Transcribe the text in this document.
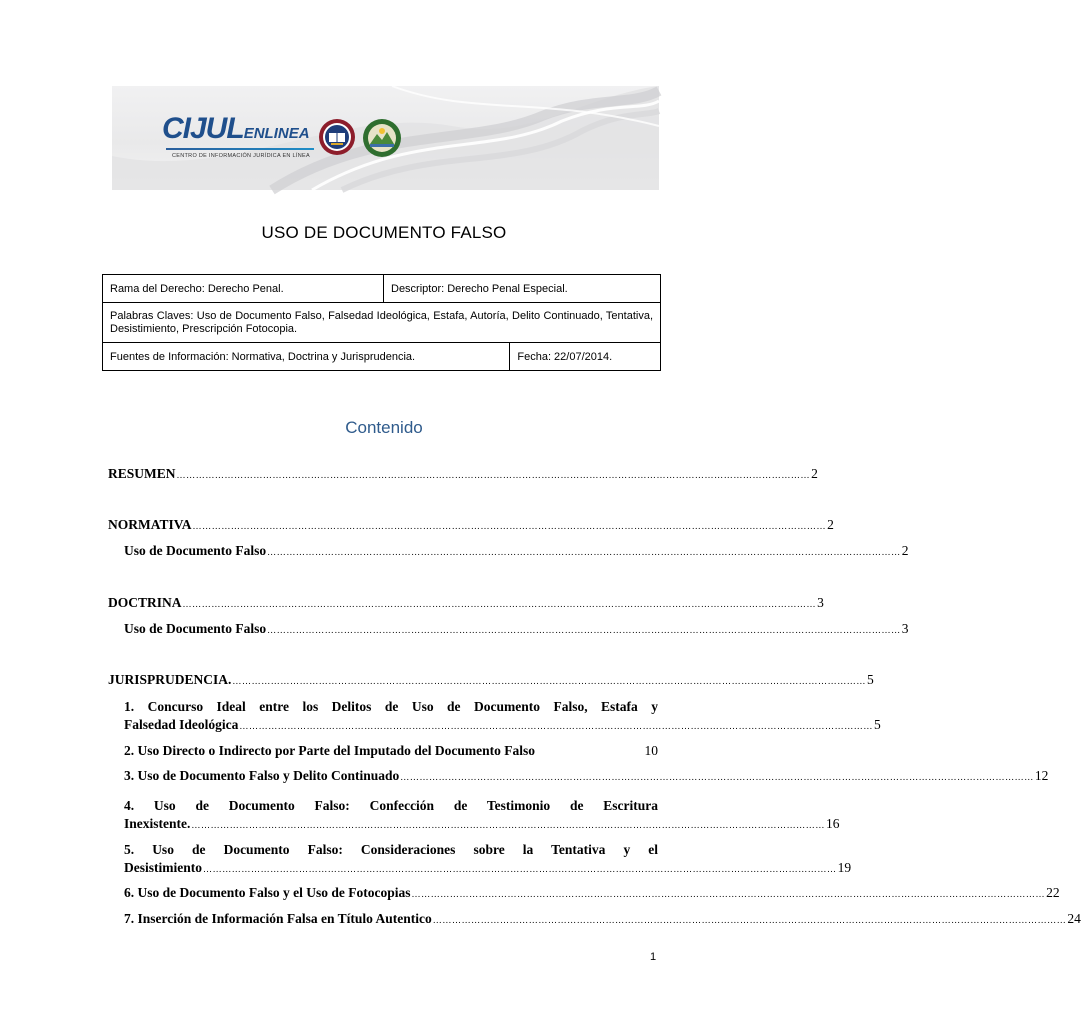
CIJULENLINEA
CENTRO DE INFORMACIÓN JURÍDICA EN LÍNEA
USO DE DOCUMENTO FALSO
Rama del Derecho: Derecho Penal.	Descriptor: Derecho Penal Especial.	
Palabras Claves: Uso de Documento Falso, Falsedad Ideológica, Estafa, Autoría, Delito Continuado, Tentativa, Desistimiento, Prescripción Fotocopia.		
Fuentes de Información: Normativa, Doctrina y Jurisprudencia.		Fecha: 22/07/2014.
Contenido
RESUMEN ……………………………………………………………………………………………………………………………………………………………………………… 2
NORMATIVA ……………………………………………………………………………………………………………………………………………………………………………… 2
Uso de Documento Falso ……………………………………………………………………………………………………………………………………………………………………………… 2
DOCTRINA ……………………………………………………………………………………………………………………………………………………………………………… 3
Uso de Documento Falso ……………………………………………………………………………………………………………………………………………………………………………… 3
JURISPRUDENCIA. ……………………………………………………………………………………………………………………………………………………………………………… 5
1. Concurso Ideal entre los Delitos de Uso de Documento Falso, Estafa y
Falsedad Ideológica ……………………………………………………………………………………………………………………………………………………………………………… 5
2. Uso Directo o Indirecto por Parte del Imputado del Documento Falso	10
3. Uso de Documento Falso y Delito Continuado ……………………………………………………………………………………………………………………………………………………………………………… 12
4. Uso de Documento Falso: Confección de Testimonio de Escritura
Inexistente. ……………………………………………………………………………………………………………………………………………………………………………… 16
5. Uso de Documento Falso: Consideraciones sobre la Tentativa y el
Desistimiento ……………………………………………………………………………………………………………………………………………………………………………… 19
6. Uso de Documento Falso y el Uso de Fotocopias ……………………………………………………………………………………………………………………………………………………………………………… 22
7. Inserción de Información Falsa en Título Autentico ……………………………………………………………………………………………………………………………………………………………………………… 24
1
